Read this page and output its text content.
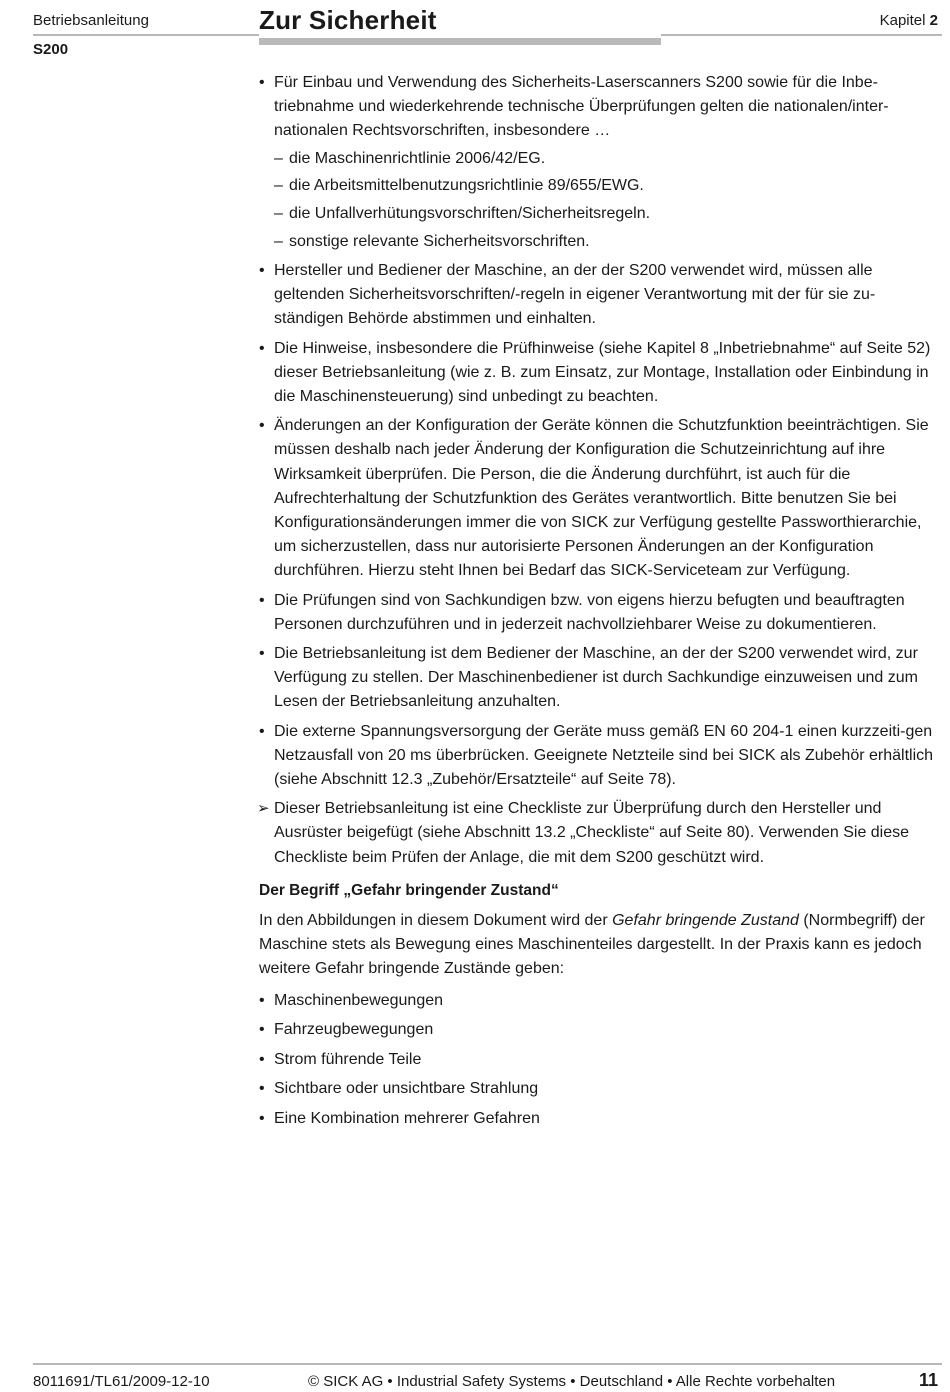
Betriebsanleitung
S200
Zur Sicherheit	Kapitel 2
• Für Einbau und Verwendung des Sicherheits-Laserscanners S200 sowie für die Inbe-triebnahme und wiederkehrende technische Überprüfungen gelten die nationalen/inter-nationalen Rechtsvorschriften, insbesondere …
– die Maschinenrichtlinie 2006/42/EG.
– die Arbeitsmittelbenutzungsrichtlinie 89/655/EWG.
– die Unfallverhütungsvorschriften/Sicherheitsregeln.
– sonstige relevante Sicherheitsvorschriften.
• Hersteller und Bediener der Maschine, an der der S200 verwendet wird, müssen alle geltenden Sicherheitsvorschriften/-regeln in eigener Verantwortung mit der für sie zu-ständigen Behörde abstimmen und einhalten.
• Die Hinweise, insbesondere die Prüfhinweise (siehe Kapitel 8 „Inbetriebnahme“ auf Seite 52) dieser Betriebsanleitung (wie z. B. zum Einsatz, zur Montage, Installation oder Einbindung in die Maschinensteuerung) sind unbedingt zu beachten.
• Änderungen an der Konfiguration der Geräte können die Schutzfunktion beeinträchtigen. Sie müssen deshalb nach jeder Änderung der Konfiguration die Schutzeinrichtung auf ihre Wirksamkeit überprüfen. Die Person, die die Änderung durchführt, ist auch für die Aufrechterhaltung der Schutzfunktion des Gerätes verantwortlich. Bitte benutzen Sie bei Konfigurationsänderungen immer die von SICK zur Verfügung gestellte Passworthierarchie, um sicherzustellen, dass nur autorisierte Personen Änderungen an der Konfiguration durchführen. Hierzu steht Ihnen bei Bedarf das SICK-Serviceteam zur Verfügung.
• Die Prüfungen sind von Sachkundigen bzw. von eigens hierzu befugten und beauftragten Personen durchzuführen und in jederzeit nachvollziehbarer Weise zu dokumentieren.
• Die Betriebsanleitung ist dem Bediener der Maschine, an der der S200 verwendet wird, zur Verfügung zu stellen. Der Maschinenbediener ist durch Sachkundige einzuweisen und zum Lesen der Betriebsanleitung anzuhalten.
• Die externe Spannungsversorgung der Geräte muss gemäß EN 60 204-1 einen kurzzeiti-gen Netzausfall von 20 ms überbrücken. Geeignete Netzteile sind bei SICK als Zubehör erhältlich (siehe Abschnitt 12.3 „Zubehör/Ersatzteile“ auf Seite 78).
➢ Dieser Betriebsanleitung ist eine Checkliste zur Überprüfung durch den Hersteller und Ausrüster beigefügt (siehe Abschnitt 13.2 „Checkliste“ auf Seite 80). Verwenden Sie diese Checkliste beim Prüfen der Anlage, die mit dem S200 geschützt wird.
Der Begriff „Gefahr bringender Zustand“

In den Abbildungen in diesem Dokument wird der Gefahr bringende Zustand (Normbegriff) der Maschine stets als Bewegung eines Maschinenteiles dargestellt. In der Praxis kann es jedoch weitere Gefahr bringende Zustände geben:

• Maschinenbewegungen
• Fahrzeugbewegungen
• Strom führende Teile
• Sichtbare oder unsichtbare Strahlung
• Eine Kombination mehrerer Gefahren
8011691/TL61/2009-12-10	© SICK AG • Industrial Safety Systems • Deutschland • Alle Rechte vorbehalten	11
